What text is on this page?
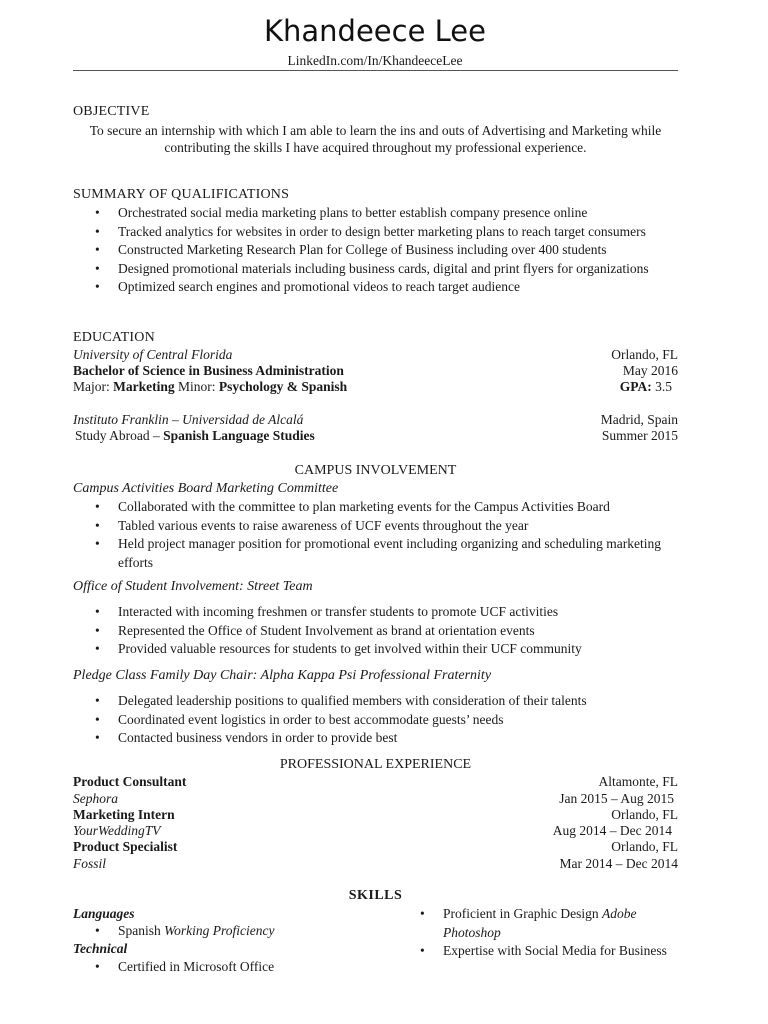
Khandeece Lee
LinkedIn.com/In/KhandeeceLee
OBJECTIVE
To secure an internship with which I am able to learn the ins and outs of Advertising and Marketing while contributing the skills I have acquired throughout my professional experience.
SUMMARY OF QUALIFICATIONS
• Orchestrated social media marketing plans to better establish company presence online
• Tracked analytics for websites in order to design better marketing plans to reach target consumers
• Constructed Marketing Research Plan for College of Business including over 400 students
• Designed promotional materials including business cards, digital and print flyers for organizations
• Optimized search engines and promotional videos to reach target audience
EDUCATION
University of Central Florida	Orlando, FL
Bachelor of Science in Business Administration	May 2016
Major: Marketing Minor: Psychology & Spanish	GPA: 3.5
Instituto Franklin – Universidad de Alcalá	Madrid, Spain
Study Abroad – Spanish Language Studies	Summer 2015
CAMPUS INVOLVEMENT
Campus Activities Board Marketing Committee
• Collaborated with the committee to plan marketing events for the Campus Activities Board
• Tabled various events to raise awareness of UCF events throughout the year
• Held project manager position for promotional event including organizing and scheduling marketing efforts
Office of Student Involvement: Street Team
• Interacted with incoming freshmen or transfer students to promote UCF activities
• Represented the Office of Student Involvement as brand at orientation events
• Provided valuable resources for students to get involved within their UCF community
Pledge Class Family Day Chair: Alpha Kappa Psi Professional Fraternity
• Delegated leadership positions to qualified members with consideration of their talents
• Coordinated event logistics in order to best accommodate guests’ needs
• Contacted business vendors in order to provide best
PROFESSIONAL EXPERIENCE
Product Consultant	Altamonte, FL
Sephora	Jan 2015 – Aug 2015
Marketing Intern	Orlando, FL
YourWeddingTV	Aug 2014 – Dec 2014
Product Specialist	Orlando, FL
Fossil	Mar 2014 – Dec 2014
SKILLS
Languages
• Spanish Working Proficiency
Technical
• Certified in Microsoft Office
• Proficient in Graphic Design Adobe Photoshop
• Expertise with Social Media for Business
